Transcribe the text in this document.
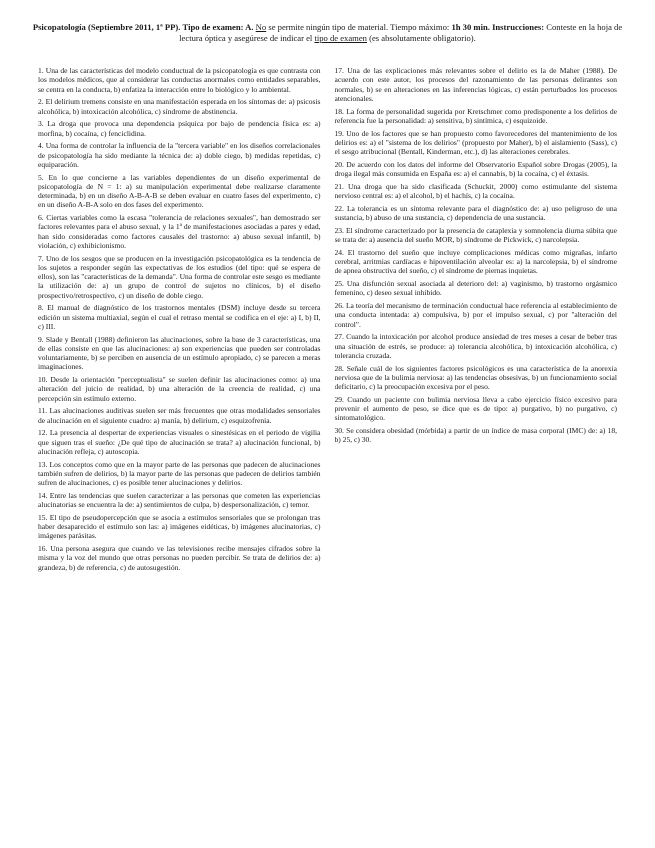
Psicopatología (Septiembre 2011, 1ª PP). Tipo de examen: A. No se permite ningún tipo de material. Tiempo máximo: 1h 30 min. Instrucciones: Conteste en la hoja de lectura óptica y asegúrese de indicar el tipo de examen (es absolutamente obligatorio).

1. Una de las características del modelo conductual de la psicopatología es que contrasta con los modelos médicos, que al considerar las conductas anormales como entidades separables, se centra en la conducta, b) enfatiza la interacción entre lo biológico y lo ambiental.

2. El delirium tremens consiste en una manifestación esperada en los síntomas de: a) psicosis alcohólica, b) intoxicación alcohólica, c) síndrome de abstinencia.

3. La droga que provoca una dependencia psíquica por bajo de pendencia física es: a) morfina, b) cocaína, c) fenciclidina.

4. Una forma de controlar la influencia de la "tercera variable" en los diseños correlacionales de psicopatología ha sido mediante la técnica de: a) doble ciego, b) medidas repetidas, c) equiparación.

5. En lo que concierne a las variables dependientes de un diseño experimental de psicopatología de N = 1: a) su manipulación experimental debe realizarse claramente determinada, b) en un diseño A-B-A-B se deben evaluar en cuatro fases del experimento, c) en un diseño A-B-A solo en dos fases del experimento.

6. Ciertas variables como la escasa "tolerancia de relaciones sexuales", han demostrado ser factores relevantes para el abuso sexual, y la 1ª de manifestaciones asociadas a pares y edad, han sido consideradas como factores causales del trastorno: a) abuso sexual infantil, b) violación, c) exhibicionismo.

7. Uno de los sesgos que se producen en la investigación psicopatológica es la tendencia de los sujetos a responder según las expectativas de los estudios (del tipo: qué se espera de ellos), son las "características de la demanda". Una forma de controlar este sesgo es mediante la utilización de: a) un grupo de control de sujetos no clínicos, b) el diseño prospectivo/retrospectivo, c) un diseño de doble ciego.

8. El manual de diagnóstico de los trastornos mentales (DSM) incluye desde su tercera edición un sistema multiaxial, según el cual el retraso mental se codifica en el eje: a) I, b) II, c) III.

9. Slade y Bentall (1988) definieron las alucinaciones, sobre la base de 3 características, una de ellas consiste en que las alucinaciones: a) son experiencias que pueden ser controladas voluntariamente, b) se perciben en ausencia de un estímulo apropiado, c) se parecen a meras imaginaciones.

10. Desde la orientación "perceptualista" se suelen definir las alucinaciones como: a) una alteración del juicio de realidad, b) una alteración de la creencia de realidad, c) una percepción sin estímulo externo.

11. Las alucinaciones auditivas suelen ser más frecuentes que otras modalidades sensoriales de alucinación en el siguiente cuadro: a) manía, b) delirium, c) esquizofrenia.

12. La presencia al despertar de experiencias visuales o sinestésicas en el periodo de vigilia que siguen tras el sueño: ¿De qué tipo de alucinación se trata? a) alucinación funcional, b) alucinación refleja, c) autoscopia.

13. Los conceptos como que en la mayor parte de las personas que padecen de alucinaciones también sufren de delirios, b) la mayor parte de las personas que padecen de delirios también sufren de alucinaciones, c) es posible tener alucinaciones y delirios.

14. Entre las tendencias que suelen caracterizar a las personas que cometen las experiencias alucinatorias se encuentra la de: a) sentimientos de culpa, b) despersonalización, c) temor.

15. El tipo de pseudopercepción que se asocia a estímulos sensoriales que se prolongan tras haber desaparecido el estímulo son las: a) imágenes eidéticas, b) imágenes alucinatorias, c) imágenes parásitas.

16. Una persona asegura que cuando ve las televisiones recibe mensajes cifrados sobre la misma y la voz del mundo que otras personas no pueden percibir. Se trata de delirios de: a) grandeza, b) de referencia, c) de autosugestión.

17. Una de las explicaciones más relevantes sobre el delirio es la de Maher (1988). De acuerdo con este autor, los procesos del razonamiento de las personas delirantes son normales, b) se en alteraciones en las inferencias lógicas, c) están perturbados los procesos atencionales.

18. La forma de personalidad sugerida por Kretschmer como predisponente a los delirios de referencia fue la personalidad: a) sensitiva, b) sintímica, c) esquizoide.

19. Uno de los factores que se han propuesto como favorecedores del mantenimiento de los delirios es: a) el "sistema de los delirios" (propuesto por Maher), b) el aislamiento (Sass), c) el sesgo atribucional (Bentall, Kinderman, etc.), d) las alteraciones cerebrales.

20. De acuerdo con los datos del informe del Observatorio Español sobre Drogas (2005), la droga ilegal más consumida en España es: a) el cannabis, b) la cocaína, c) el éxtasis.

21. Una droga que ha sido clasificada (Schuckit, 2000) como estimulante del sistema nervioso central es: a) el alcohol, b) el hachís, c) la cocaína.

22. La tolerancia es un síntoma relevante para el diagnóstico de: a) uso peligroso de una sustancia, b) abuso de una sustancia, c) dependencia de una sustancia.

23. El síndrome caracterizado por la presencia de cataplexia y somnolencia diurna súbita que se trata de: a) ausencia del sueño MOR, b) síndrome de Pickwick, c) narcolepsia.

24. El trastorno del sueño que incluye complicaciones médicas como migrañas, infarto cerebral, arritmias cardíacas e hipoventilación alveolar es: a) la narcolepsia, b) el síndrome de apnea obstructiva del sueño, c) el síndrome de piernas inquietas.

25. Una disfunción sexual asociada al deterioro del: a) vaginismo, b) trastorno orgásmico femenino, c) deseo sexual inhibido.

26. La teoría del mecanismo de terminación conductual hace referencia al establecimiento de una conducta intentada: a) compulsiva, b) por el impulso sexual, c) por "alteración del control".

27. Cuando la intoxicación por alcohol produce ansiedad de tres meses a cesar de beber tras una situación de estrés, se produce: a) tolerancia alcohólica, b) intoxicación alcohólica, c) tolerancia cruzada.

28. Señale cuál de los siguientes factores psicológicos es una característica de la anorexia nerviosa que de la bulimia nerviosa: a) las tendencias obsesivas, b) un funcionamiento social deficitario, c) la preocupación excesiva por el peso.

29. Cuando un paciente con bulimia nerviosa lleva a cabo ejercicio físico excesivo para prevenir el aumento de peso, se dice que es de tipo: a) purgativo, b) no purgativo, c) sintomatológico.

30. Se considera obesidad (mórbida) a partir de un índice de masa corporal (IMC) de: a) 18, b) 25, c) 30.
